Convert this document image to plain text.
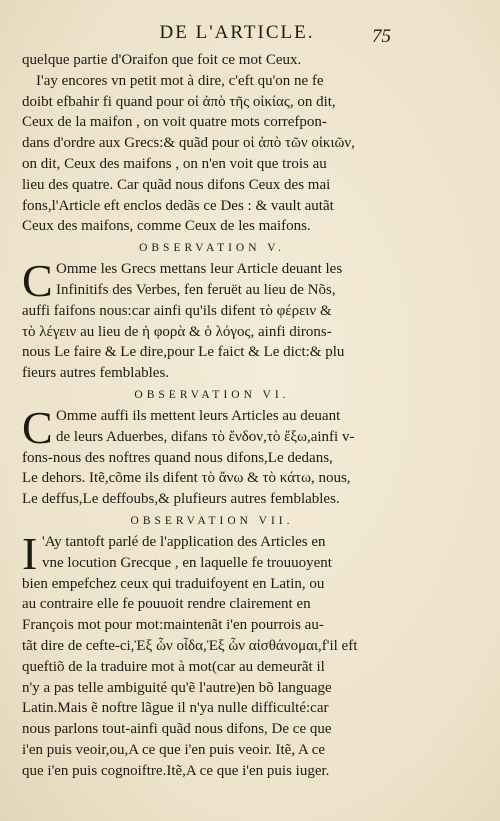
DE L'ARTICLE.	75
quelque partie d'Oraifon que foit ce mot Ceux.
I'ay encores vn petit mot à dire, c'eft qu'on ne fe
doibt efbahir fi quand pour οἱ ἀπὸ τῆς οἰκίας, on dit,
Ceux de la maifon , on voit quatre mots correfpon-
dans d'ordre aux Grecs:& quãd pour οἱ ἀπὸ τῶν οἰκιῶν,
on dit, Ceux des maifons , on n'en voit que trois au
lieu des quatre. Car quãd nous difons Ceux des mai
fons,l'Article eft enclos dedãs ce Des : & vault autãt
Ceux des maifons, comme Ceux de les maifons.
OBSERVATION V.
C Omme les Grecs mettans leur Article deuant les
Infinitifs des Verbes, fen feruët au lieu de Nõs,
auffi faifons nous:car ainfi qu'ils difent τὸ φέρειν &
τὸ λέγειν au lieu de ἡ φορὰ & ὁ λόγος, ainfi dirons-
nous Le faire & Le dire,pour Le faict & Le dict:& plu
fieurs autres femblables.
OBSERVATION VI.
C Omme auffi ils mettent leurs Articles au deuant
de leurs Aduerbes, difans τὸ ἔνδον,τὸ ἔξω,ainfi v-
fons-nous des noftres quand nous difons,Le dedans,
Le dehors. Itẽ,cõme ils difent τὸ ἄνω & τὸ κάτω, nous,
Le deffus,Le deffoubs,& plufieurs autres femblables.
OBSERVATION VII.
I 'Ay tantoft parlé de l'application des Articles en
vne locution Grecque , en laquelle fe trouuoyent
bien empefchez ceux qui traduifoyent en Latin, ou
au contraire elle fe pouuoit rendre clairement en
François mot pour mot:maintenãt i'en pourrois au-
tãt dire de cefte-ci,Ἐξ ὧν οἶδα,Ἐξ ὧν αἰσθάνομαι,f'il eft
queftiõ de la traduire mot à mot(car au demeurãt il
n'y a pas telle ambiguité qu'ẽ l'autre)en bõ language
Latin.Mais ẽ noftre lãgue il n'ya nulle difficulté:car
nous parlons tout-ainfi quãd nous difons, De ce que
i'en puis veoir,ou,A ce que i'en puis veoir. Itẽ, A ce
que i'en puis cognoiftre.Itẽ,A ce que i'en puis iuger.
